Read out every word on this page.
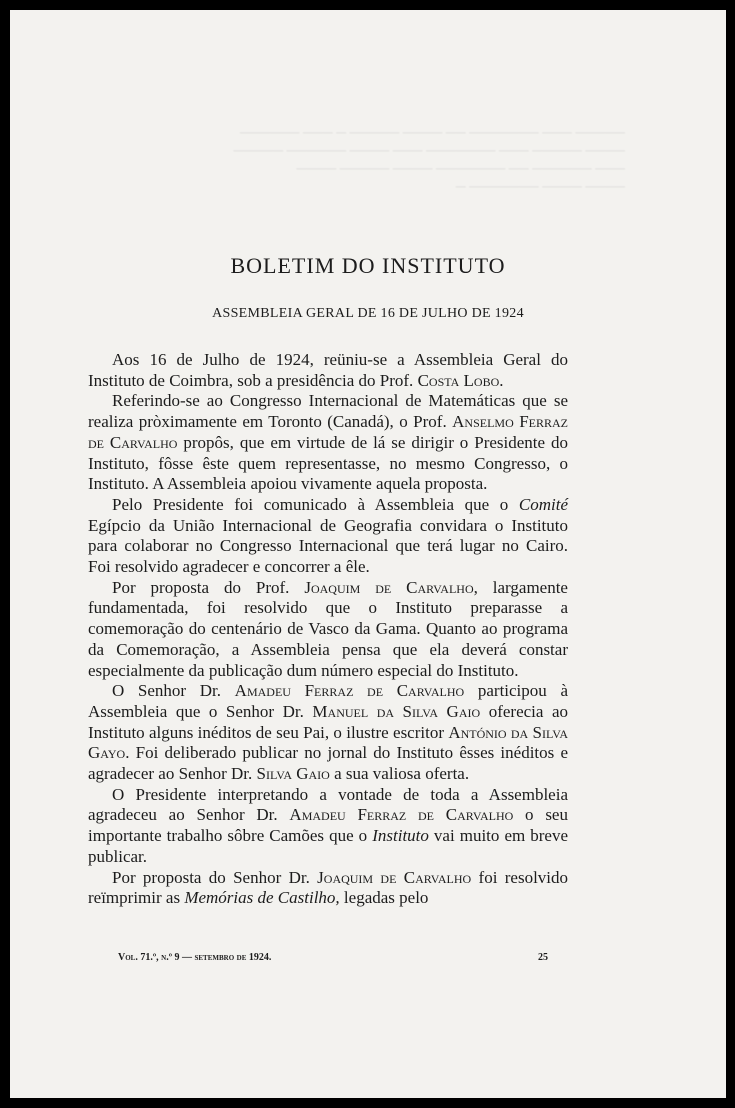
───── ─── ─────── ── ──── ───── ─ ─── ──────
──── ───── ─── ─────── ─── ──── ────── ─────
─── ────── ── ─────── ──── ───── ────
──── ──── ─────── ─
BOLETIM DO INSTITUTO
ASSEMBLEIA GERAL DE 16 DE JULHO DE 1924

Aos 16 de Julho de 1924, reüniu-se a Assembleia Geral do Instituto de Coimbra, sob a presidência do Prof. Costa Lobo.

Referindo-se ao Congresso Internacional de Matemáticas que se realiza pròximamente em Toronto (Canadá), o Prof. Anselmo Ferraz de Carvalho propôs, que em virtude de lá se dirigir o Presidente do Instituto, fôsse êste quem representasse, no mesmo Congresso, o Instituto. A Assembleia apoiou vivamente aquela proposta.

Pelo Presidente foi comunicado à Assembleia que o Comité Egípcio da União Internacional de Geografia convidara o Instituto para colaborar no Congresso Internacional que terá lugar no Cairo. Foi resolvido agradecer e concorrer a êle.

Por proposta do Prof. Joaquim de Carvalho, largamente fundamentada, foi resolvido que o Instituto preparasse a comemoração do centenário de Vasco da Gama. Quanto ao programa da Comemoração, a Assembleia pensa que ela deverá constar especialmente da publicação dum número especial do Instituto.

O Senhor Dr. Amadeu Ferraz de Carvalho participou à Assembleia que o Senhor Dr. Manuel da Silva Gaio oferecia ao Instituto alguns inéditos de seu Pai, o ilustre escritor António da Silva Gayo. Foi deliberado publicar no jornal do Instituto êsses inéditos e agradecer ao Senhor Dr. Silva Gaio a sua valiosa oferta.

O Presidente interpretando a vontade de toda a Assembleia agradeceu ao Senhor Dr. Amadeu Ferraz de Carvalho o seu importante trabalho sôbre Camões que o Instituto vai muito em breve publicar.

Por proposta do Senhor Dr. Joaquim de Carvalho foi resolvido reïmprimir as Memórias de Castilho, legadas pelo

Vol. 71.º, n.º 9 — setembro de 1924.	25
